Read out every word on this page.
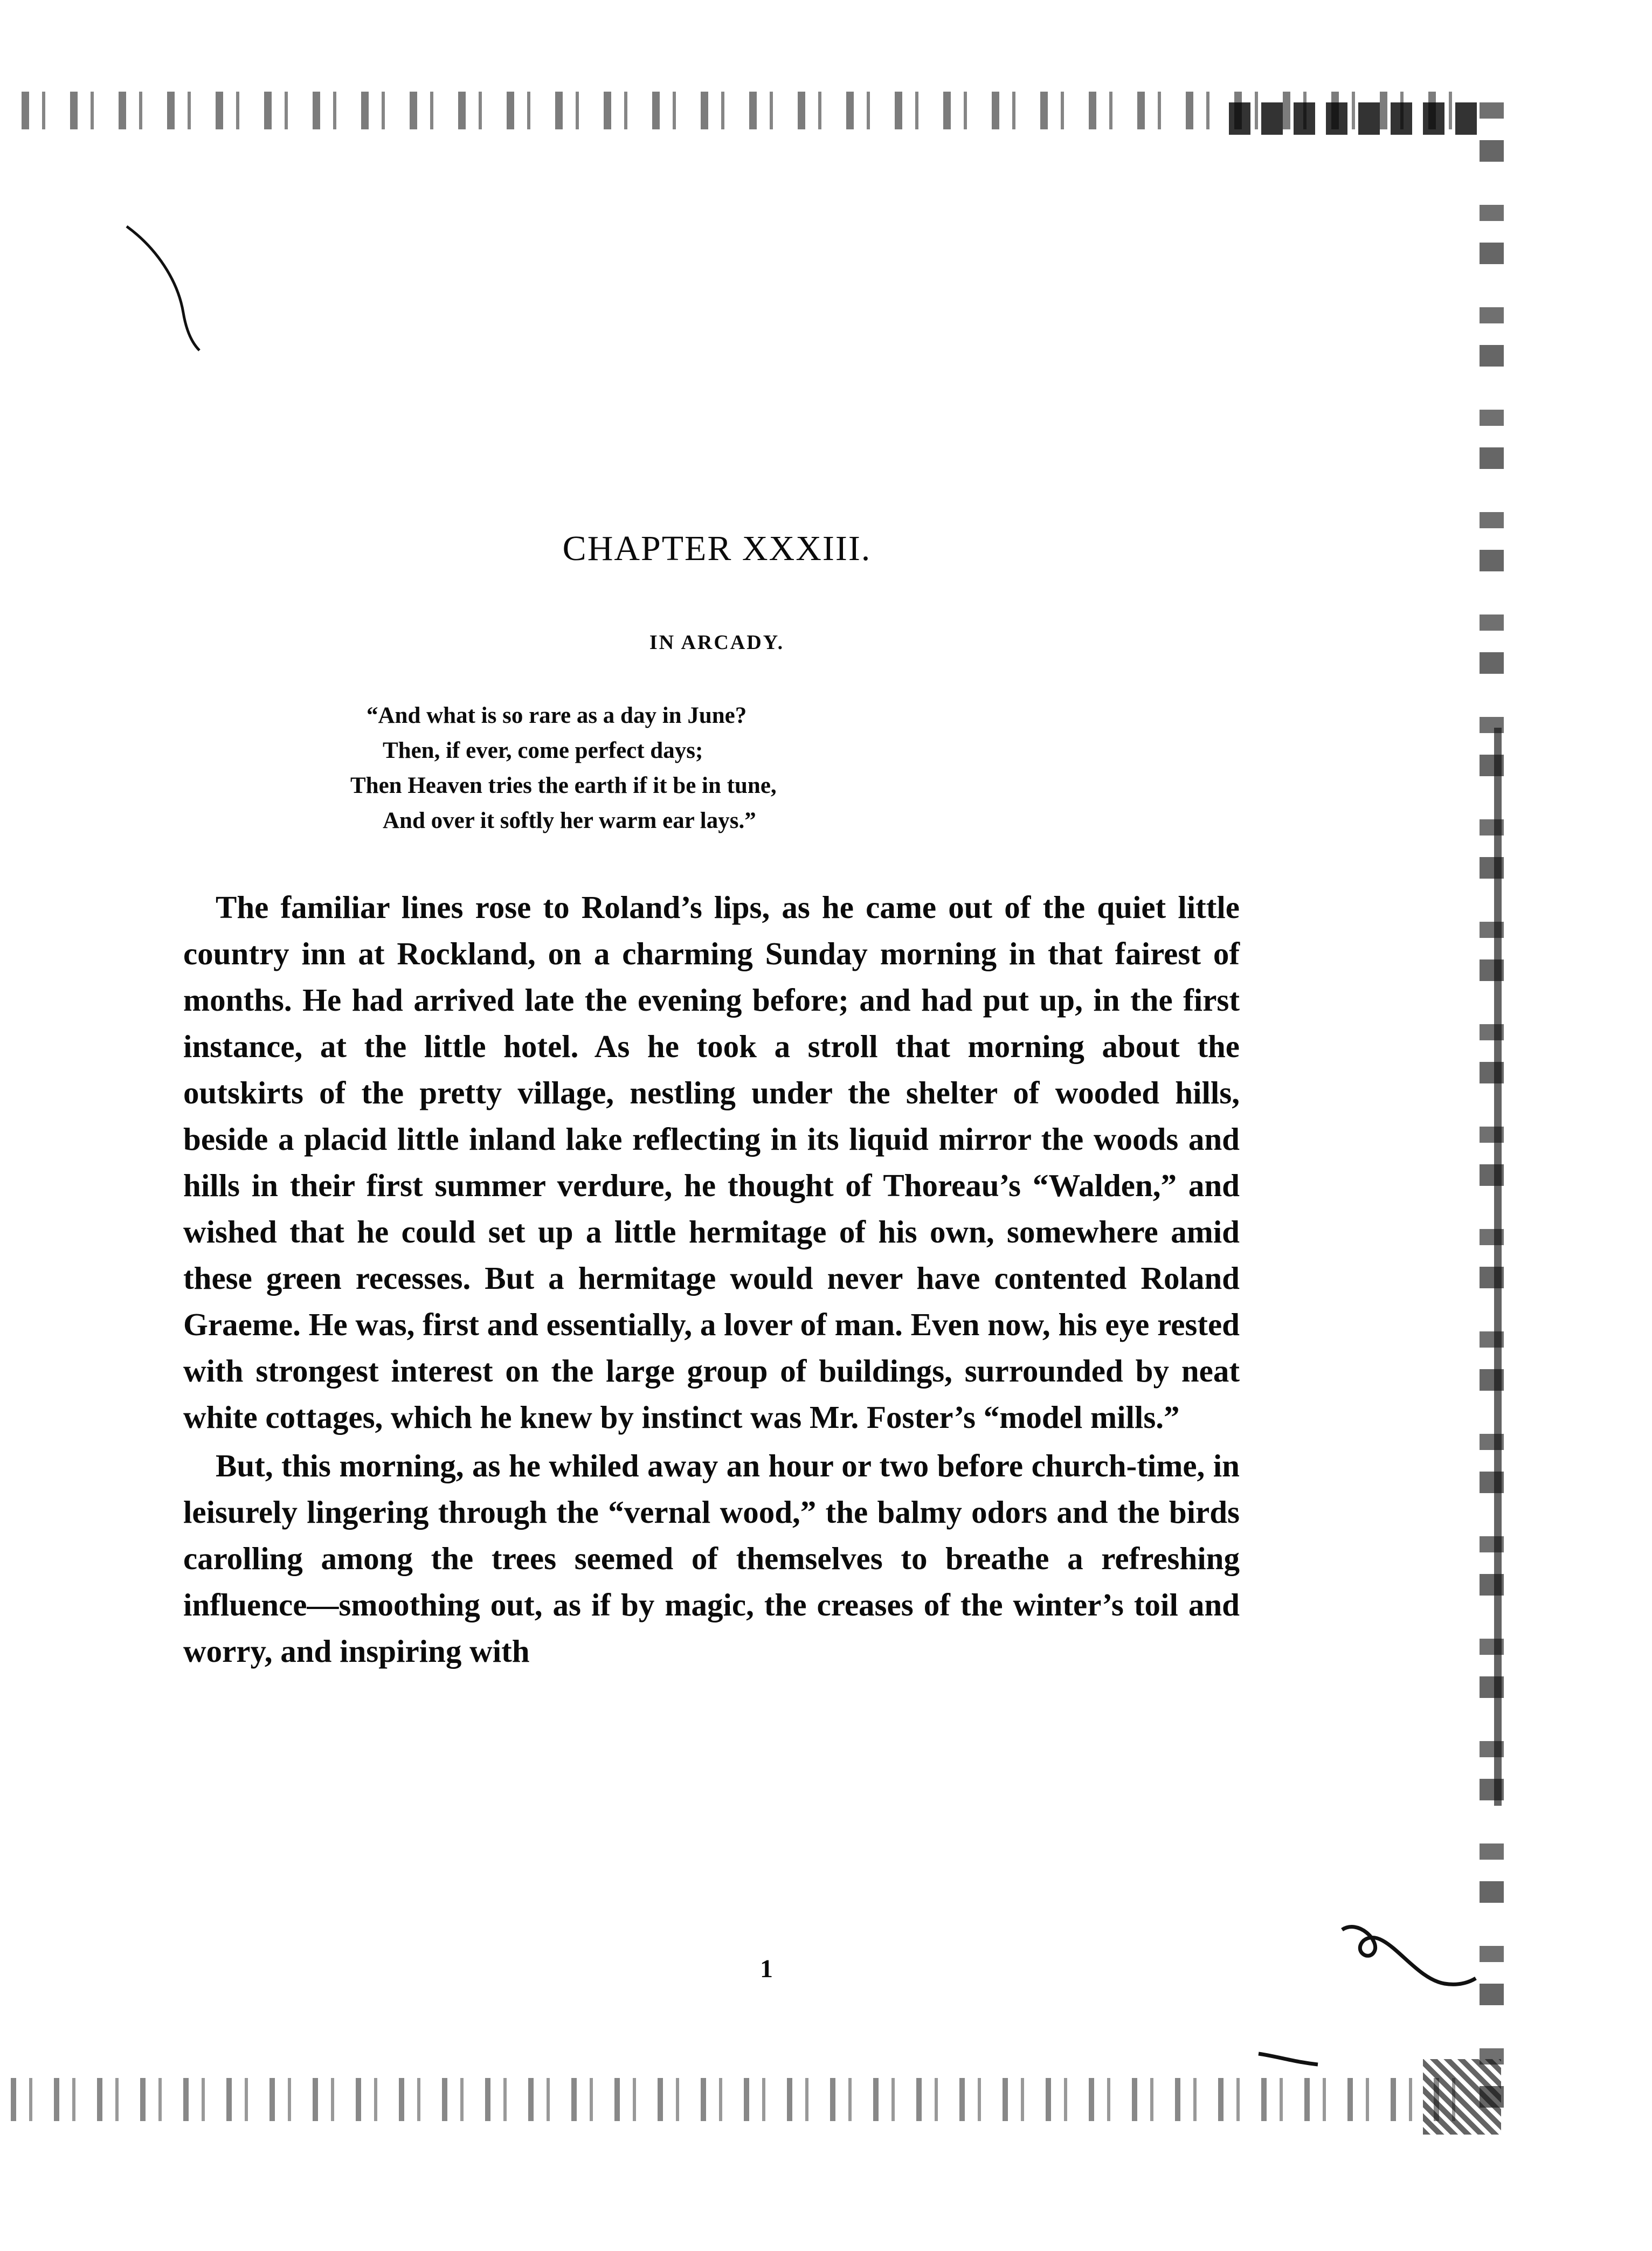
CHAPTER XXXIII.
IN ARCADY.
“And what is so rare as a day in June?
Then, if ever, come perfect days;
Then Heaven tries the earth if it be in tune,
And over it softly her warm ear lays.”

The familiar lines rose to Roland’s lips, as he came out of the quiet little country inn at Rockland, on a charming Sunday morning in that fairest of months. He had arrived late the evening before; and had put up, in the first instance, at the little hotel. As he took a stroll that morning about the outskirts of the pretty village, nestling under the shelter of wooded hills, beside a placid little inland lake reflecting in its liquid mirror the woods and hills in their first summer verdure, he thought of Thoreau’s “Walden,” and wished that he could set up a little hermitage of his own, somewhere amid these green recesses. But a hermitage would never have contented Roland Graeme. He was, first and essentially, a lover of man. Even now, his eye rested with strongest interest on the large group of buildings, surrounded by neat white cottages, which he knew by instinct was Mr. Foster’s “model mills.”

But, this morning, as he whiled away an hour or two before church-time, in leisurely lingering through the “vernal wood,” the balmy odors and the birds carolling among the trees seemed of themselves to breathe a refreshing influence—smoothing out, as if by magic, the creases of the winter’s toil and worry, and inspiring with

1
